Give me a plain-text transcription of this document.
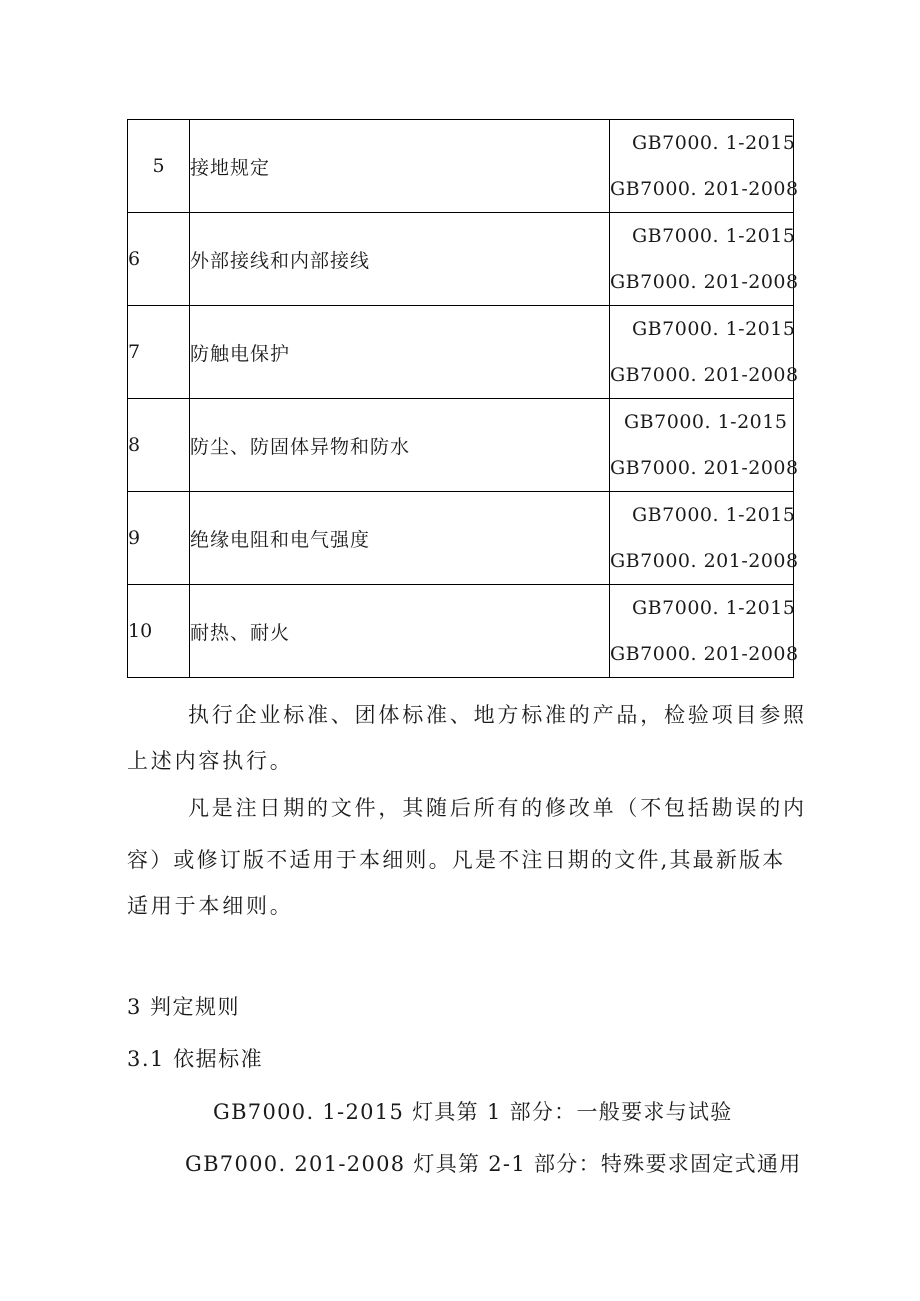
5	接地规定	GB7000. 1-2015
GB7000. 201-2008

6	外部接线和内部接线	GB7000. 1-2015
GB7000. 201-2008

7	防触电保护	GB7000. 1-2015
GB7000. 201-2008

8	防尘、防固体异物和防水	GB7000. 1-2015
GB7000. 201-2008

9	绝缘电阻和电气强度	GB7000. 1-2015
GB7000. 201-2008

10	耐热、耐火	GB7000. 1-2015
GB7000. 201-2008
执行企业标准、团体标准、地方标准的产品，检验项目参照
上述内容执行。
凡是注日期的文件，其随后所有的修改单（不包括勘误的内
容）或修订版不适用于本细则。凡是不注日期的文件,其最新版本
适用于本细则。
3 判定规则
3.1 依据标准
GB7000. 1-2015 灯具第 1 部分：一般要求与试验
GB7000. 201-2008 灯具第 2-1 部分：特殊要求固定式通用
